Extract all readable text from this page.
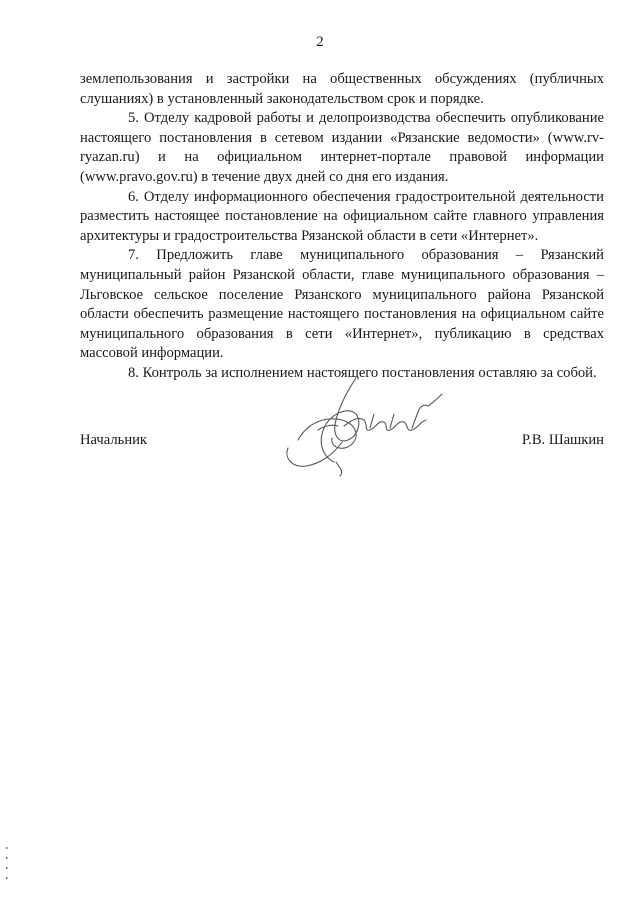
2

землепользования и застройки на общественных обсуждениях (публичных слушаниях) в установленный законодательством срок и порядке.

5. Отделу кадровой работы и делопроизводства обеспечить опубликование настоящего постановления в сетевом издании «Рязанские ведомости» (www.rv-ryazan.ru) и на официальном интернет-портале правовой информации (www.pravo.gov.ru) в течение двух дней со дня его издания.

6. Отделу информационного обеспечения градостроительной деятельности разместить настоящее постановление на официальном сайте главного управления архитектуры и градостроительства Рязанской области в сети «Интернет».

7. Предложить главе муниципального образования – Рязанский муниципальный район Рязанской области, главе муниципального образования – Льговское сельское поселение Рязанского муниципального района Рязанской области обеспечить размещение настоящего постановления на официальном сайте муниципального образования в сети «Интернет», публикацию в средствах массовой информации.

8. Контроль за исполнением настоящего постановления оставляю за собой.

Начальник	Р.В. Шашкин
